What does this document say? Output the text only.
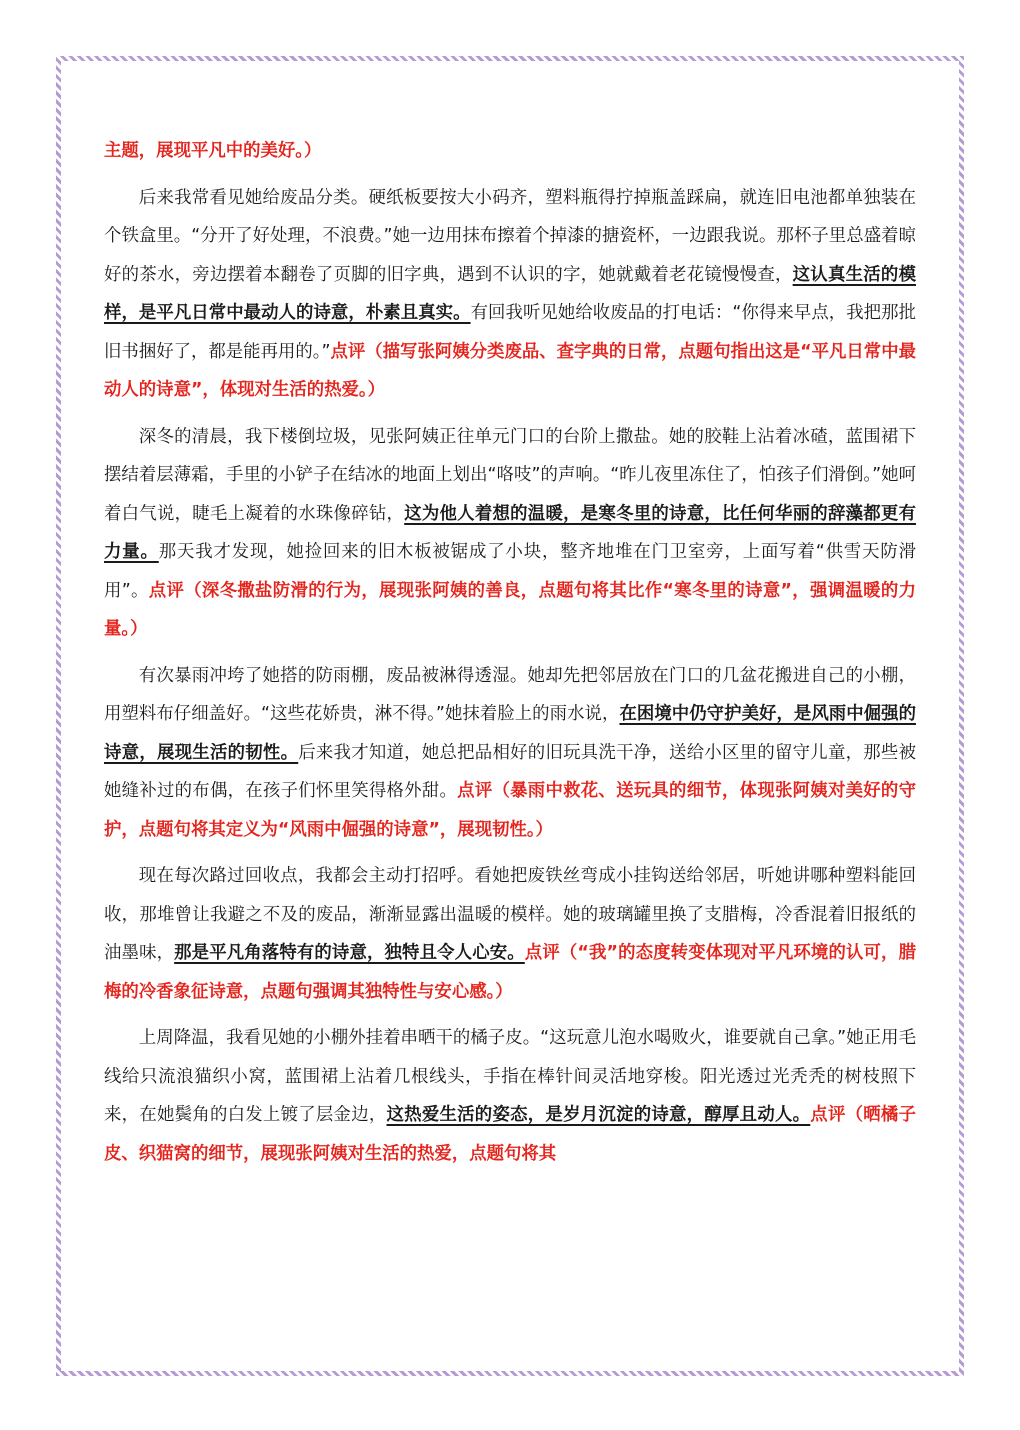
主题，展现平凡中的美好。）

后来我常看见她给废品分类。硬纸板要按大小码齐，塑料瓶得拧掉瓶盖踩扁，就连旧电池都单独装在个铁盒里。“分开了好处理，不浪费。”她一边用抹布擦着个掉漆的搪瓷杯，一边跟我说。那杯子里总盛着晾好的茶水，旁边摆着本翻卷了页脚的旧字典，遇到不认识的字，她就戴着老花镜慢慢查，这认真生活的模样，是平凡日常中最动人的诗意，朴素且真实。有回我听见她给收废品的打电话：“你得来早点，我把那批旧书捆好了，都是能再用的。”点评（描写张阿姨分类废品、查字典的日常，点题句指出这是“平凡日常中最动人的诗意”，体现对生活的热爱。）

深冬的清晨，我下楼倒垃圾，见张阿姨正往单元门口的台阶上撒盐。她的胶鞋上沾着冰碴，蓝围裙下摆结着层薄霜，手里的小铲子在结冰的地面上划出“咯吱”的声响。“昨儿夜里冻住了，怕孩子们滑倒。”她呵着白气说，睫毛上凝着的水珠像碎钻，这为他人着想的温暖，是寒冬里的诗意，比任何华丽的辞藻都更有力量。那天我才发现，她捡回来的旧木板被锯成了小块，整齐地堆在门卫室旁，上面写着“供雪天防滑用”。点评（深冬撒盐防滑的行为，展现张阿姨的善良，点题句将其比作“寒冬里的诗意”，强调温暖的力量。）

有次暴雨冲垮了她搭的防雨棚，废品被淋得透湿。她却先把邻居放在门口的几盆花搬进自己的小棚，用塑料布仔细盖好。“这些花娇贵，淋不得。”她抹着脸上的雨水说，在困境中仍守护美好，是风雨中倔强的诗意，展现生活的韧性。后来我才知道，她总把品相好的旧玩具洗干净，送给小区里的留守儿童，那些被她缝补过的布偶，在孩子们怀里笑得格外甜。点评（暴雨中救花、送玩具的细节，体现张阿姨对美好的守护，点题句将其定义为“风雨中倔强的诗意”，展现韧性。）

现在每次路过回收点，我都会主动打招呼。看她把废铁丝弯成小挂钩送给邻居，听她讲哪种塑料能回收，那堆曾让我避之不及的废品，渐渐显露出温暖的模样。她的玻璃罐里换了支腊梅，冷香混着旧报纸的油墨味，那是平凡角落特有的诗意，独特且令人心安。点评（“我”的态度转变体现对平凡环境的认可，腊梅的冷香象征诗意，点题句强调其独特性与安心感。）

上周降温，我看见她的小棚外挂着串晒干的橘子皮。“这玩意儿泡水喝败火，谁要就自己拿。”她正用毛线给只流浪猫织小窝，蓝围裙上沾着几根线头，手指在棒针间灵活地穿梭。阳光透过光秃秃的树枝照下来，在她鬓角的白发上镀了层金边，这热爱生活的姿态，是岁月沉淀的诗意，醇厚且动人。点评（晒橘子皮、织猫窝的细节，展现张阿姨对生活的热爱，点题句将其
